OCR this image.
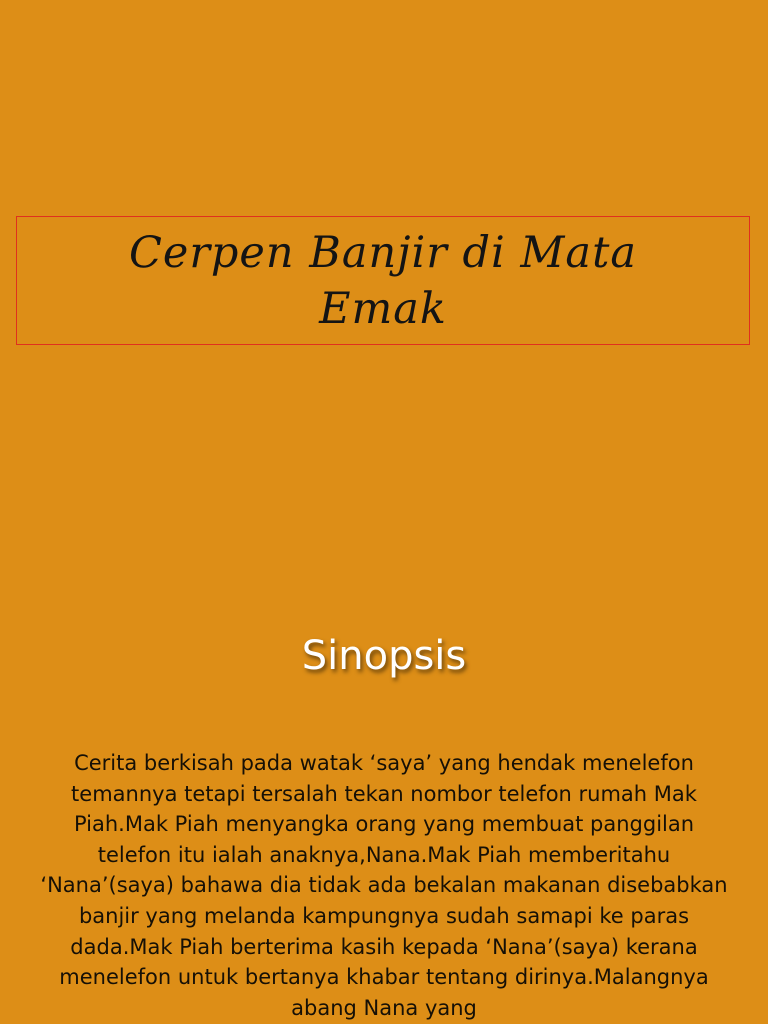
Cerpen Banjir di Mata Emak
Sinopsis
Cerita berkisah pada watak ‘saya’ yang hendak menelefon temannya tetapi tersalah tekan nombor telefon rumah Mak Piah.Mak Piah menyangka orang yang membuat panggilan telefon itu ialah anaknya,Nana.Mak Piah memberitahu ‘Nana’(saya) bahawa dia tidak ada bekalan makanan disebabkan banjir yang melanda kampungnya sudah samapi ke paras dada.Mak Piah berterima kasih kepada ‘Nana’(saya) kerana menelefon untuk bertanya khabar tentang dirinya.Malangnya abang Nana yang
